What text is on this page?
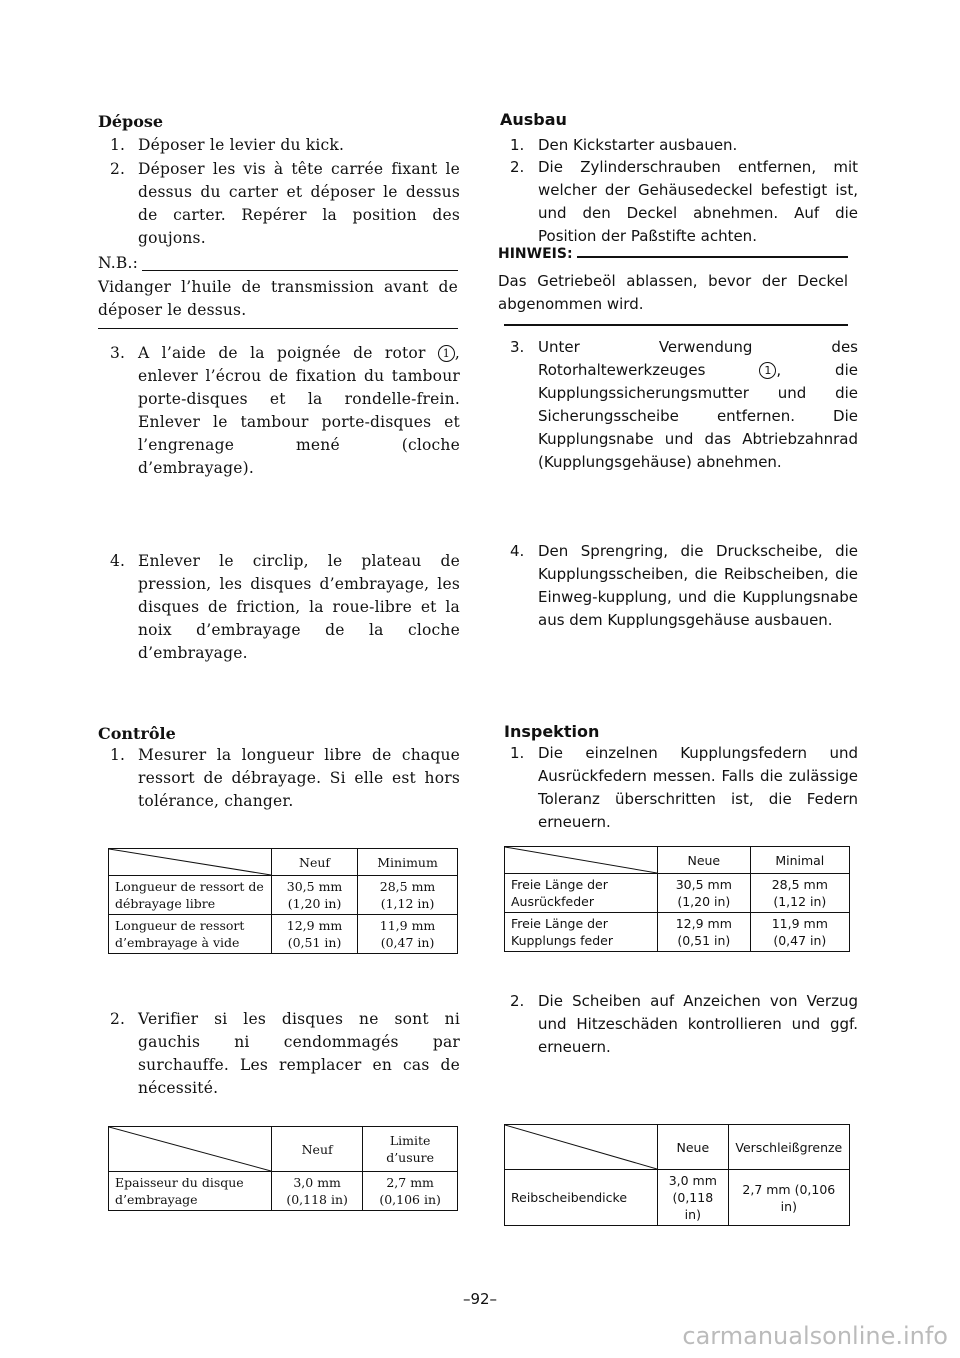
Dépose
1. Déposer le levier du kick.
2. Déposer les vis à tête carrée fixant le dessus du carter et déposer le dessus de carter. Repérer la position des goujons.
N.B.:
Vidanger l’huile de transmission avant de déposer le dessus.
3. A l’aide de la poignée de rotor 1 , enlever l’écrou de fixation du tambour porte-disques et la rondelle-frein. Enlever le tambour porte-disques et l’engrenage mené (cloche d’embrayage).
4. Enlever le circlip, le plateau de pression, les disques d’embrayage, les disques de friction, la roue-libre et la noix d’embrayage de la cloche d’embrayage.
Contrôle
1. Mesurer la longueur libre de chaque ressort de débrayage. Si elle est hors tolérance, changer.
	Neuf	Minimum
Longueur de ressort de débrayage libre	30,5 mm (1,20 in)	28,5 mm (1,12 in)
Longueur de ressort d’embrayage à vide	12,9 mm (0,51 in)	11,9 mm (0,47 in)
2. Verifier si les disques ne sont ni gauchis ni cendommagés par surchauffe. Les remplacer en cas de nécessité.
	Neuf	Limite d’usure
Epaisseur du disque d’embrayage	3,0 mm (0,118 in)	2,7 mm (0,106 in)
Ausbau
1. Den Kickstarter ausbauen.
2. Die Zylinderschrauben entfernen, mit welcher der Gehäusedeckel befestigt ist, und den Deckel abnehmen. Auf die Position der Paßstifte achten.
HINWEIS:
Das Getriebeöl ablassen, bevor der Deckel abgenommen wird.
3. Unter Verwendung des Rotorhaltewerkzeuges	1 , die Kupplungssicherungsmutter und die Sicherungsscheibe entfernen. Die Kupplungsnabe und das Abtriebzahnrad (Kupplungsgehäuse) abnehmen.
4. Den Sprengring, die Druckscheibe, die Kupplungsscheiben, die Reibscheiben, die Einweg-kupplung, und die Kupplungsnabe aus dem Kupplungsgehäuse ausbauen.
Inspektion
1. Die einzelnen Kupplungsfedern und Ausrückfedern messen. Falls die zulässige Toleranz überschritten ist, die Federn erneuern.
	Neue	Minimal
Freie Länge der Ausrückfeder	30,5 mm (1,20 in)	28,5 mm (1,12 in)
Freie Länge der Kupplungs feder	12,9 mm (0,51 in)	11,9 mm (0,47 in)
2. Die Scheiben auf Anzeichen von Verzug und Hitzeschäden kontrollieren und ggf. erneuern.
	Neue	Verschleißgrenze
Reibscheibendicke	3,0 mm (0,118 in)	2,7 mm (0,106 in)
–92–
carmanualsonline.info
